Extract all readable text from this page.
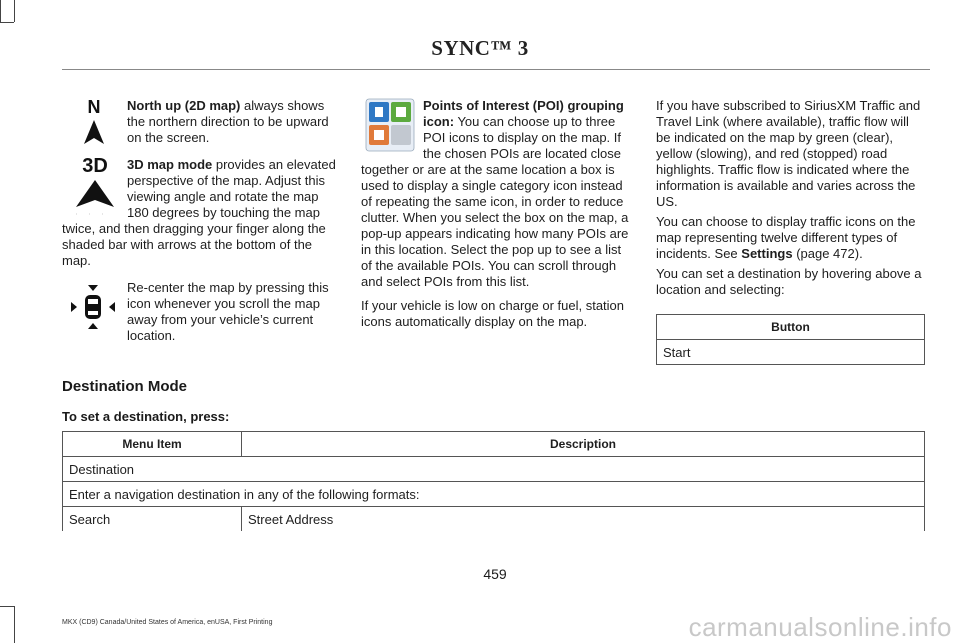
SYNC™ 3
N North up (2D map) always shows the northern direction to be upward on the screen.
3D	3D map mode provides an elevated perspective of the map. Adjust this viewing angle and rotate the map 180 degrees by touching the map twice, and then dragging your finger along the shaded bar with arrows at the bottom of the map.
Re-center the map by pressing this icon whenever you scroll the map away from your vehicle’s current location.
Points of Interest (POI) grouping icon: You can choose up to three POI icons to display on the map. If the chosen POIs are located close together or are at the same location a box is used to display a single category icon instead of repeating the same icon, in order to reduce clutter. When you select the box on the map, a pop-up appears indicating how many POIs are in this location. Select the pop up to see a list of the available POIs. You can scroll through and select POIs from this list.
If your vehicle is low on charge or fuel, station icons automatically display on the map.
If you have subscribed to SiriusXM Traffic and Travel Link (where available), traffic flow will be indicated on the map by green (clear), yellow (slowing), and red (stopped) road highlights. Traffic flow is indicated where the information is available and varies across the US.
You can choose to display traffic icons on the map representing twelve different types of incidents. See Settings (page 472).
You can set a destination by hovering above a location and selecting:
Button
Start
Destination Mode
To set a destination, press:
Menu Item	Description
Destination	
Enter a navigation destination in any of the following formats:	
Search	Street Address
459
MKX (CD9) Canada/United States of America, enUSA, First Printing	carmanualsonline.info
